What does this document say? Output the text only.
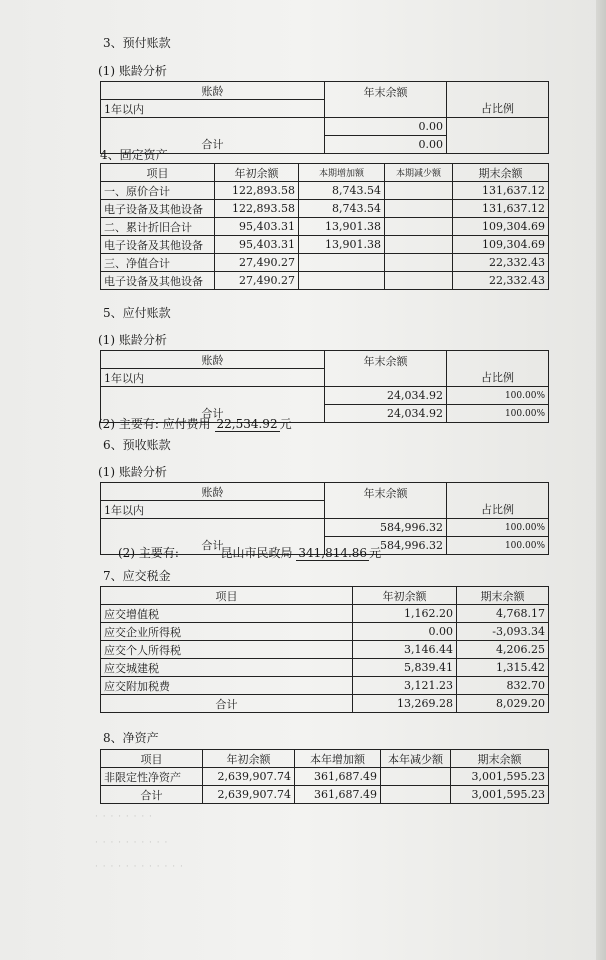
· · · · · · · ·
· · · · · · · · · ·
· · · · · · · · · · · ·
3、预付账款
(1) 账龄分析
账龄	年末余额	
1年以内		占比例
	0.00	
合计	0.00	
4、固定资产
项目	年初余额	本期增加额	本期减少额	期末余额
一、原价合计	122,893.58	8,743.54		131,637.12
电子设备及其他设备	122,893.58	8,743.54		131,637.12
二、累计折旧合计	95,403.31	13,901.38		109,304.69
电子设备及其他设备	95,403.31	13,901.38		109,304.69
三、净值合计	27,490.27			22,332.43
电子设备及其他设备	27,490.27			22,332.43
5、应付账款
(1) 账龄分析
账龄	年末余额	
1年以内		占比例
	24,034.92	100.00%
合计	24,034.92	100.00%
(2) 主要有: 应付费用 22,534.92 元
6、预收账款
(1) 账龄分析
账龄	年末余额	
1年以内		占比例
	584,996.32	100.00%
合计	584,996.32	100.00%
(2) 主要有:	昆山市民政局 341,814.86 元
7、应交税金
项目	年初余额	期末余额
应交增值税	1,162.20	4,768.17
应交企业所得税	0.00	-3,093.34
应交个人所得税	3,146.44	4,206.25
应交城建税	5,839.41	1,315.42
应交附加税费	3,121.23	832.70
合计	13,269.28	8,029.20
8、净资产
项目	年初余额	本年增加额	本年减少额	期末余额
非限定性净资产	2,639,907.74	361,687.49		3,001,595.23
合计	2,639,907.74	361,687.49		3,001,595.23
